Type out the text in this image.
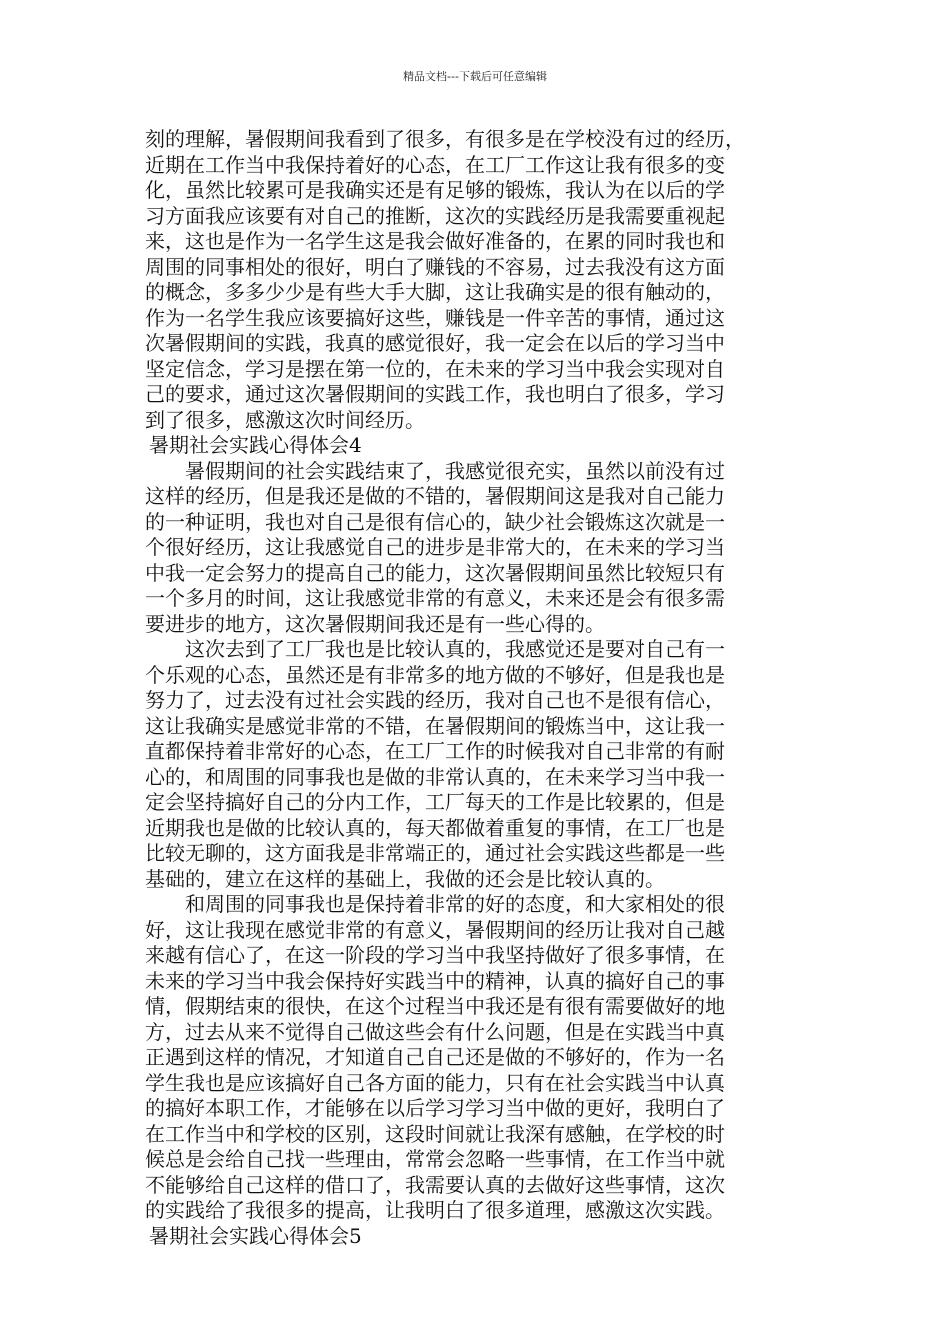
精品文档---下载后可任意编辑
刻的理解，暑假期间我看到了很多，有很多是在学校没有过的经历，
近期在工作当中我保持着好的心态，在工厂工作这让我有很多的变
化，虽然比较累可是我确实还是有足够的锻炼，我认为在以后的学
习方面我应该要有对自己的推断，这次的实践经历是我需要重视起
来，这也是作为一名学生这是我会做好准备的，在累的同时我也和
周围的同事相处的很好，明白了赚钱的不容易，过去我没有这方面
的概念，多多少少是有些大手大脚，这让我确实是的很有触动的，
作为一名学生我应该要搞好这些，赚钱是一件辛苦的事情，通过这
次暑假期间的实践，我真的感觉很好，我一定会在以后的学习当中
坚定信念，学习是摆在第一位的，在未来的学习当中我会实现对自
己的要求，通过这次暑假期间的实践工作，我也明白了很多，学习
到了很多，感激这次时间经历。
暑期社会实践心得体会4
　　暑假期间的社会实践结束了，我感觉很充实，虽然以前没有过
这样的经历，但是我还是做的不错的，暑假期间这是我对自己能力
的一种证明，我也对自己是很有信心的，缺少社会锻炼这次就是一
个很好经历，这让我感觉自己的进步是非常大的，在未来的学习当
中我一定会努力的提高自己的能力，这次暑假期间虽然比较短只有
一个多月的时间，这让我感觉非常的有意义，未来还是会有很多需
要进步的地方，这次暑假期间我还是有一些心得的。
　　这次去到了工厂我也是比较认真的，我感觉还是要对自己有一
个乐观的心态，虽然还是有非常多的地方做的不够好，但是我也是
努力了，过去没有过社会实践的经历，我对自己也不是很有信心，
这让我确实是感觉非常的不错，在暑假期间的锻炼当中，这让我一
直都保持着非常好的心态，在工厂工作的时候我对自己非常的有耐
心的，和周围的同事我也是做的非常认真的，在未来学习当中我一
定会坚持搞好自己的分内工作，工厂每天的工作是比较累的，但是
近期我也是做的比较认真的，每天都做着重复的事情，在工厂也是
比较无聊的，这方面我是非常端正的，通过社会实践这些都是一些
基础的，建立在这样的基础上，我做的还会是比较认真的。
　　和周围的同事我也是保持着非常的好的态度，和大家相处的很
好，这让我现在感觉非常的有意义，暑假期间的经历让我对自己越
来越有信心了，在这一阶段的学习当中我坚持做好了很多事情，在
未来的学习当中我会保持好实践当中的精神，认真的搞好自己的事
情，假期结束的很快，在这个过程当中我还是有很有需要做好的地
方，过去从来不觉得自己做这些会有什么问题，但是在实践当中真
正遇到这样的情况，才知道自己自己还是做的不够好的，作为一名
学生我也是应该搞好自己各方面的能力，只有在社会实践当中认真
的搞好本职工作，才能够在以后学习学习当中做的更好，我明白了
在工作当中和学校的区别，这段时间就让我深有感触，在学校的时
候总是会给自己找一些理由，常常会忽略一些事情，在工作当中就
不能够给自己这样的借口了，我需要认真的去做好这些事情，这次
的实践给了我很多的提高，让我明白了很多道理，感激这次实践。
暑期社会实践心得体会5
